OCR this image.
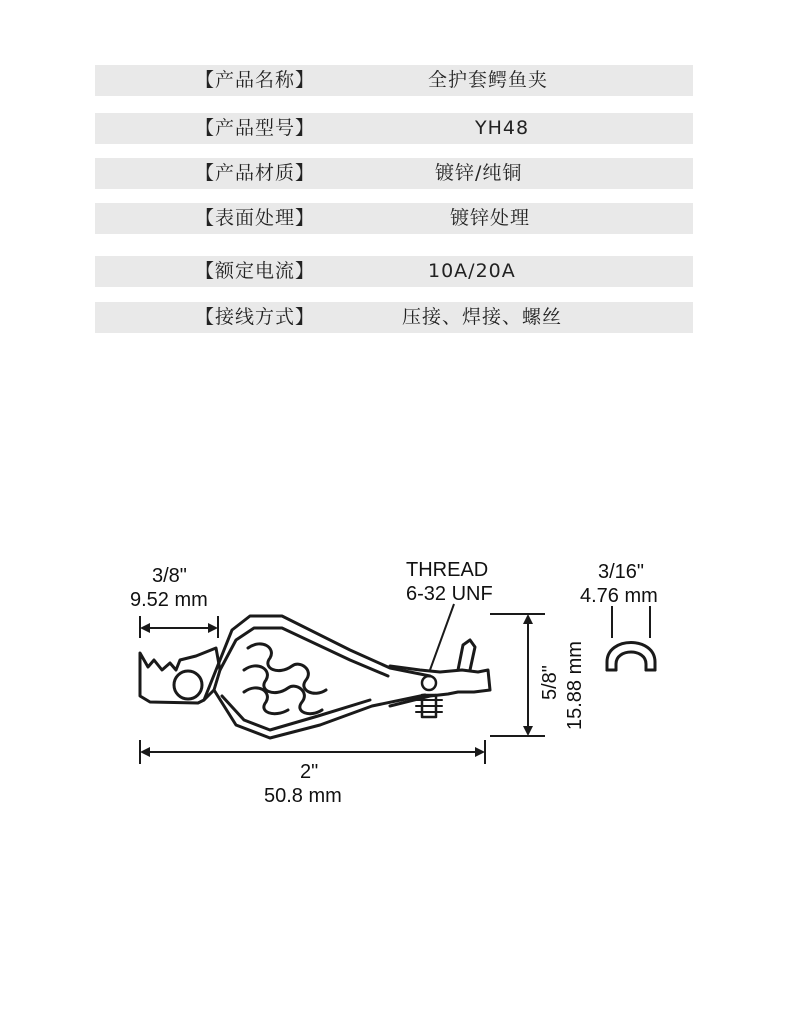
【产品名称】	全护套鳄鱼夹
【产品型号】	YH48
【产品材质】	镀锌/纯铜
【表面处理】	镀锌处理
【额定电流】	10A/20A
【接线方式】	压接、焊接、螺丝
3/8"
9.52 mm
THREAD
6-32 UNF
3/16"
4.76 mm
5/8" 15.88 mm
2"
50.8 mm
